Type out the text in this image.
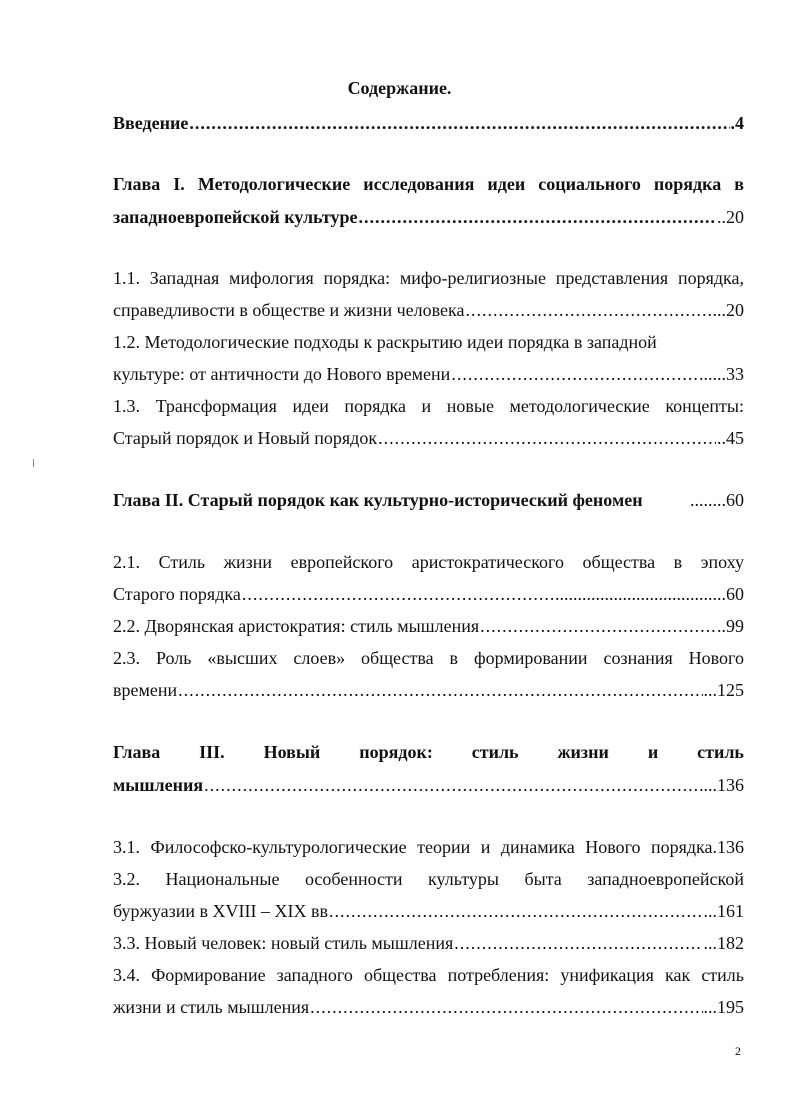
Содержание.
Введение .....	.4
Глава I. Методологические исследования идеи социального порядка в
западноевропейской культуре .....	..20
1.1. Западная мифология порядка: мифо-религиозные представления порядка,
справедливости в обществе и жизни человека .....	...20
1.2. Методологические подходы к раскрытию идеи порядка в западной
культуре: от античности до Нового времени .....	......33
1.3. Трансформация идеи порядка и новые методологические концепты:
Старый порядок и Новый порядок .....	..45
Глава II. Старый порядок как культурно-исторический феномен	........60
2.1. Стиль жизни европейского аристократического общества в эпоху
Старого порядка .....	......................................60
2.2. Дворянская аристократия: стиль мышления .....	..99
2.3. Роль «высших слоев» общества в формировании сознания Нового
времени .....	...125
Глава III. Новый порядок: стиль жизни и стиль
мышления .....	...136
3.1. Философско-культурологические теории и динамика Нового порядка.136
3.2. Национальные особенности культуры быта западноевропейской
буржуазии в XVIII – XIX вв .....	...161
3.3. Новый человек: новый стиль мышления .....	...182
3.4. Формирование западного общества потребления: унификация как стиль
жизни и стиль мышления .....	...195
2
